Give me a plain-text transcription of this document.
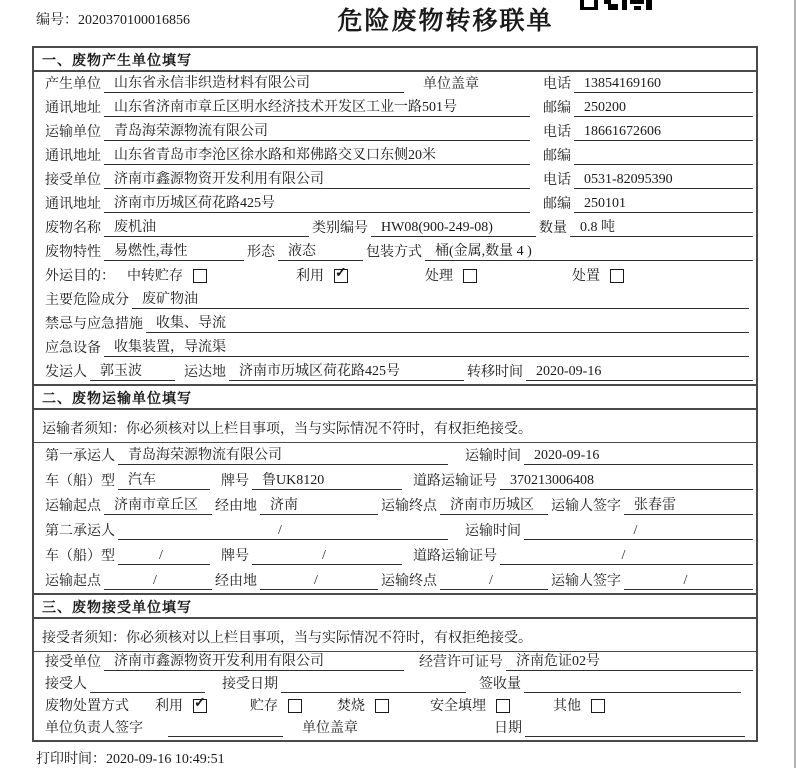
编号：2020370100016856	危险废物转移联单
一、废物产生单位填写
产生单位 山东省永信非织造材料有限公司	单位盖章	电话 13854169160
通讯地址 山东省济南市章丘区明水经济技术开发区工业一路501号	邮编 250200
运输单位 青岛海荣源物流有限公司	电话 18661672606
通讯地址 山东省青岛市李沧区徐水路和郑佛路交叉口东侧20米	邮编
接受单位 济南市鑫源物资开发利用有限公司	电话 0531-82095390
通讯地址 济南市历城区荷花路425号	邮编 250101
废物名称 废机油	类别编号 HW08(900-249-08)	数量 0.8 吨
废物特性 易燃性,毒性	形态 液态	包装方式 桶(金属,数量 4 )
外运目的： 中转贮存	利用 ✓	处理	处置
主要危险成分 废矿物油
禁忌与应急措施 收集、导流
应急设备 收集装置，导流渠
发运人 郭玉波	运达地 济南市历城区荷花路425号	转移时间 2020-09-16
二、废物运输单位填写
运输者须知：你必须核对以上栏目事项，当与实际情况不符时，有权拒绝接受。
第一承运人 青岛海荣源物流有限公司	运输时间 2020-09-16
车（船）型 汽车	牌号 鲁UK8120	道路运输证号 370213006408
运输起点 济南市章丘区	经由地 济南	运输终点 济南市历城区	运输人签字 张春雷
第二承运人	/	运输时间	/
车（船）型	/	牌号	/	道路运输证号	/
运输起点	/	经由地	/	运输终点	/	运输人签字	/
三、废物接受单位填写
接受者须知：你必须核对以上栏目事项，当与实际情况不符时，有权拒绝接受。
接受单位 济南市鑫源物资开发利用有限公司	经营许可证号 济南危证02号
接受人	接受日期	签收量
废物处置方式 利用 ✓	贮存	焚烧	安全填埋	其他
单位负责人签字	单位盖章	日期
打印时间：2020-09-16 10:49:51
